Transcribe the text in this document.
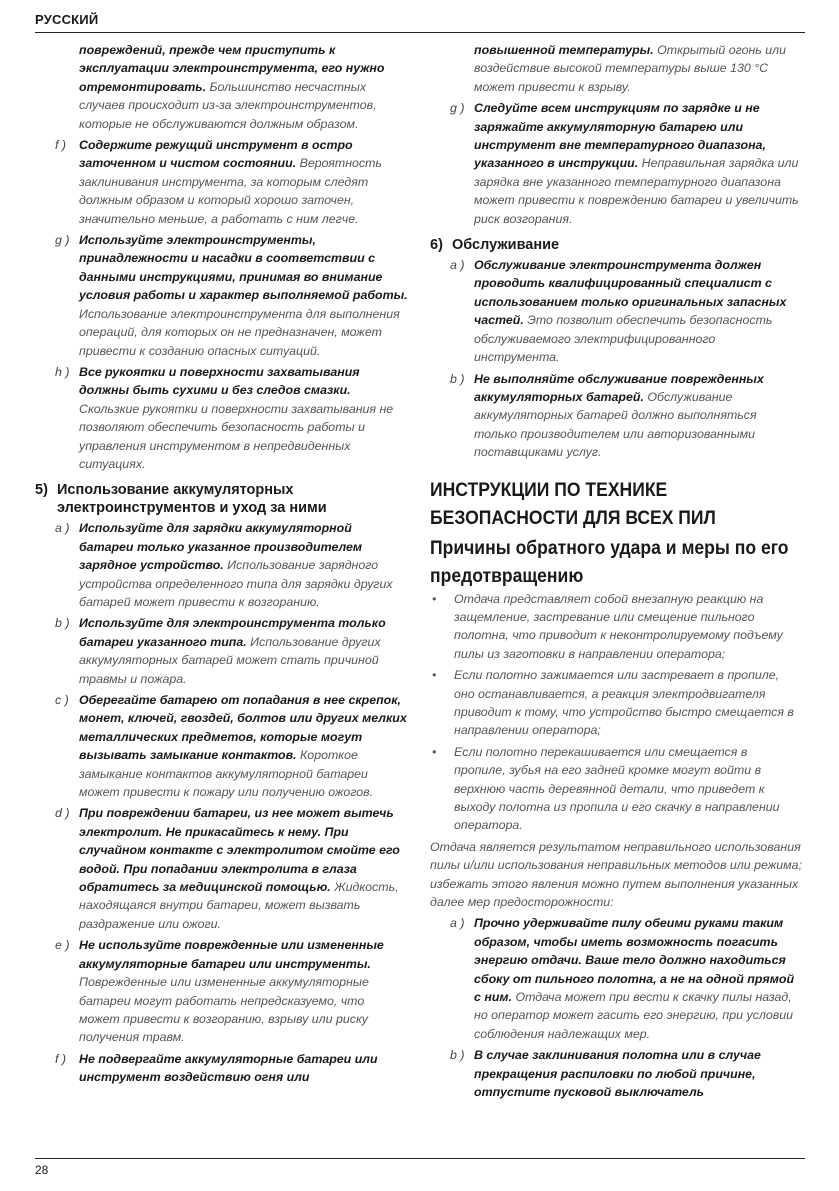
РУССКИЙ
повреждений, прежде чем приступить к эксплуатации электроинструмента, его нужно отремонтировать. Большинство несчастных случаев происходит из-за электроинструментов, которые не обслуживаются должным образом.
f ) Содержите режущий инструмент в остро заточенном и чистом состоянии. Вероятность заклинивания инструмента, за которым следят должным образом и который хорошо заточен, значительно меньше, а работать с ним легче.
g ) Используйте электроинструменты, принадлежности и насадки в соответствии с данными инструкциями, принимая во внимание условия работы и характер выполняемой работы. Использование электроинструмента для выполнения операций, для которых он не предназначен, может привести к созданию опасных ситуаций.
h ) Все рукоятки и поверхности захватывания должны быть сухими и без следов смазки. Скользкие рукоятки и поверхности захватывания не позволяют обеспечить безопасность работы и управления инструментом в непредвиденных ситуациях.
5) Использование аккумуляторных электроинструментов и уход за ними
a ) Используйте для зарядки аккумуляторной батареи только указанное производителем зарядное устройство. Использование зарядного устройства определенного типа для зарядки других батарей может привести к возгоранию.
b ) Используйте для электроинструмента только батареи указанного типа. Использование других аккумуляторных батарей может стать причиной травмы и пожара.
c ) Оберегайте батарею от попадания в нее скрепок, монет, ключей, гвоздей, болтов или других мелких металлических предметов, которые могут вызывать замыкание контактов. Короткое замыкание контактов аккумуляторной батареи может привести к пожару или получению ожогов.
d ) При повреждении батареи, из нее может вытечь электролит. Не прикасайтесь к нему. При случайном контакте с электролитом смойте его водой. При попадании электролита в глаза обратитесь за медицинской помощью. Жидкость, находящаяся внутри батареи, может вызвать раздражение или ожоги.
e ) Не используйте поврежденные или измененные аккумуляторные батареи или инструменты. Поврежденные или измененные аккумуляторные батареи могут работать непредсказуемо, что может привести к возгоранию, взрыву или риску получения травм.
f ) Не подвергайте аккумуляторные батареи или инструмент воздействию огня или
повышенной температуры. Открытый огонь или воздействие высокой температуры выше 130 °C может привести к взрыву.
g ) Следуйте всем инструкциям по зарядке и не заряжайте аккумуляторную батарею или инструмент вне температурного диапазона, указанного в инструкции. Неправильная зарядка или зарядка вне указанного температурного диапазона может привести к повреждению батареи и увеличить риск возгорания.
6) Обслуживание
a ) Обслуживание электроинструмента должен проводить квалифицированный специалист с использованием только оригинальных запасных частей. Это позволит обеспечить безопасность обслуживаемого электрифицированного инструмента.
b ) Не выполняйте обслуживание поврежденных аккумуляторных батарей. Обслуживание аккумуляторных батарей должно выполняться только производителем или авторизованными поставщиками услуг.
ИНСТРУКЦИИ ПО ТЕХНИКЕ БЕЗОПАСНОСТИ ДЛЯ ВСЕХ ПИЛ
Причины обратного удара и меры по его предотвращению
• Отдача представляет собой внезапную реакцию на защемление, застревание или смещение пильного полотна, что приводит к неконтролируемому подъему пилы из заготовки в направлении оператора;
• Если полотно зажимается или застревает в пропиле, оно останавливается, а реакция электродвигателя приводит к тому, что устройство быстро смещается в направлении оператора;
• Если полотно перекашивается или смещается в пропиле, зубья на его задней кромке могут войти в верхнюю часть деревянной детали, что приведет к выходу полотна из пропила и его скачку в направлении оператора.
Отдача является результатом неправильного использования пилы и/или использования неправильных методов или режима; избежать этого явления можно путем выполнения указанных далее мер предосторожности:
a ) Прочно удерживайте пилу обеими руками таким образом, чтобы иметь возможность погасить энергию отдачи. Ваше тело должно находиться сбоку от пильного полотна, а не на одной прямой с ним. Отдача может при вести к скачку пилы назад, но оператор может гасить его энергию, при условии соблюдения надлежащих мер.
b ) В случае заклинивания полотна или в случае прекращения распиловки по любой причине, отпустите пусковой выключатель
28
